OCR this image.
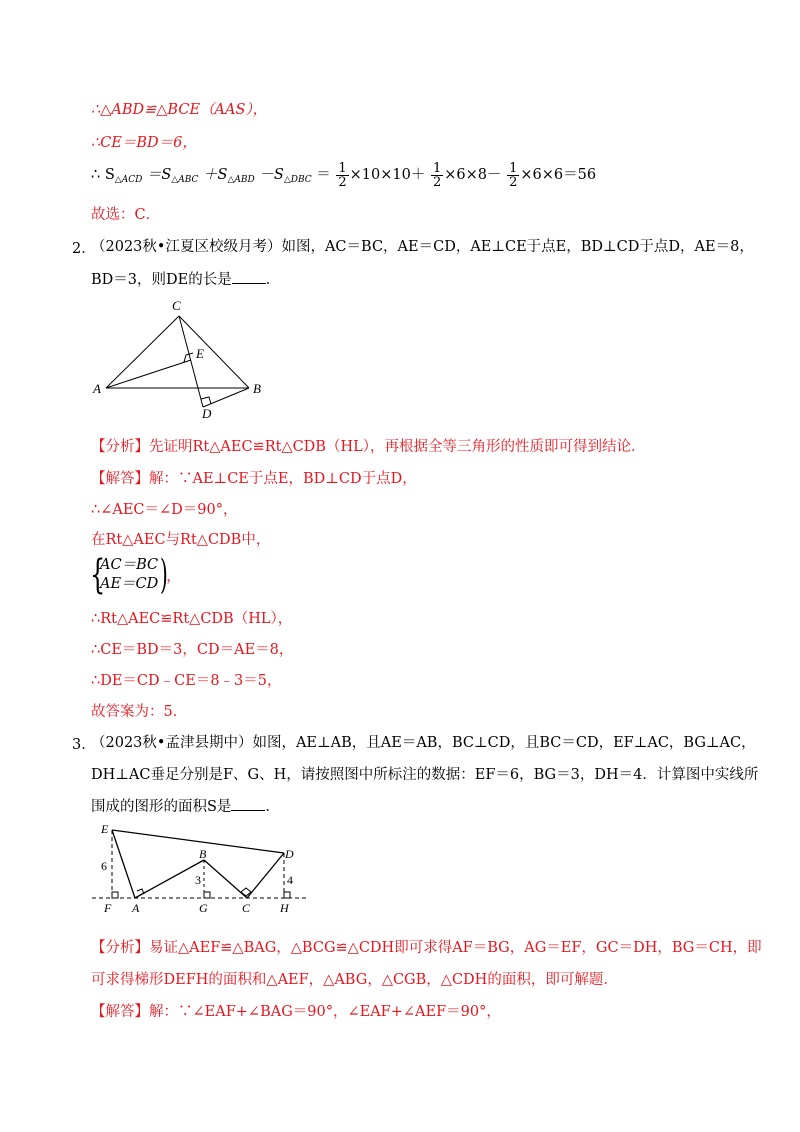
∴△ABD≌△BCE（AAS），
∴CE＝BD＝6，
∴ $S_{\triangle ACD} =S_{\triangle ABC} +S_{\triangle ABD} -S_{\triangle DBC} = \frac{1}{2} \times 10\times 10+ \frac{1}{2} \times 6\times 8- \frac{1}{2} \times 6\times 6=56$
故选：C．
2．
（2023秋•江夏区校级月考）如图，AC＝BC，AE＝CD，AE⊥CE于点E，BD⊥CD于点D，AE＝8，
BD＝3，则DE的长是 ．
C
E
A	B
D
【分析】先证明Rt△AEC≌Rt△CDB（HL），再根据全等三角形的性质即可得到结论．
【解答】解：∵AE⊥CE于点E，BD⊥CD于点D，
∴∠AEC＝∠D＝90°，
在Rt△AEC与Rt△CDB中，
{
AC＝BC
AE＝CD )
，
∴Rt△AEC≌Rt△CDB（HL），
∴CE＝BD＝3，CD＝AE＝8，
∴DE＝CD﹣CE＝8﹣3＝5，
故答案为：5．
3．
（2023秋•孟津县期中）如图，AE⊥AB，且AE＝AB，BC⊥CD，且BC＝CD，EF⊥AC，BG⊥AC，
DH⊥AC垂足分别是F、G、H，请按照图中所标注的数据：EF＝6，BG＝3，DH＝4．计算图中实线所
围成的图形的面积S是 ．
E
D
B
F A	G	C H
6
3	4
【分析】易证△AEF≌△BAG，△BCG≌△CDH即可求得AF＝BG，AG＝EF，GC＝DH，BG＝CH，即
可求得梯形DEFH的面积和△AEF，△ABG，△CGB，△CDH的面积，即可解题．
【解答】解：∵∠EAF+∠BAG＝90°，∠EAF+∠AEF＝90°，
